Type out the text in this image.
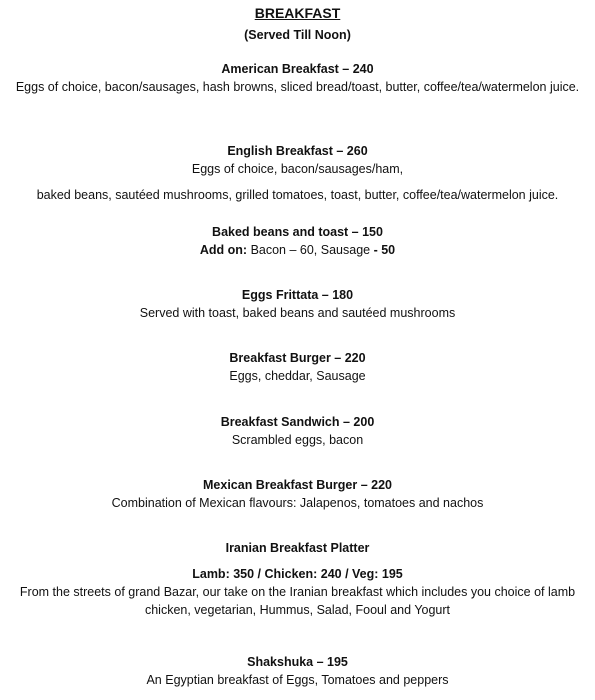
BREAKFAST
(Served Till Noon)
American Breakfast – 240
Eggs of choice, bacon/sausages, hash browns, sliced bread/toast, butter, coffee/tea/watermelon juice.
English Breakfast – 260
Eggs of choice, bacon/sausages/ham,
baked beans, sautéed mushrooms, grilled tomatoes, toast, butter, coffee/tea/watermelon juice.
Baked beans and toast – 150
Add on: Bacon – 60, Sausage - 50
Eggs Frittata – 180
Served with toast, baked beans and sautéed mushrooms
Breakfast Burger – 220
Eggs, cheddar, Sausage
Breakfast Sandwich – 200
Scrambled eggs, bacon
Mexican Breakfast Burger – 220
Combination of Mexican flavours: Jalapenos, tomatoes and nachos
Iranian Breakfast Platter
Lamb: 350 / Chicken: 240 / Veg: 195
From the streets of grand Bazar, our take on the Iranian breakfast which includes you choice of lamb chicken, vegetarian, Hummus, Salad, Fooul and Yogurt
Shakshuka – 195
An Egyptian breakfast of Eggs, Tomatoes and peppers
